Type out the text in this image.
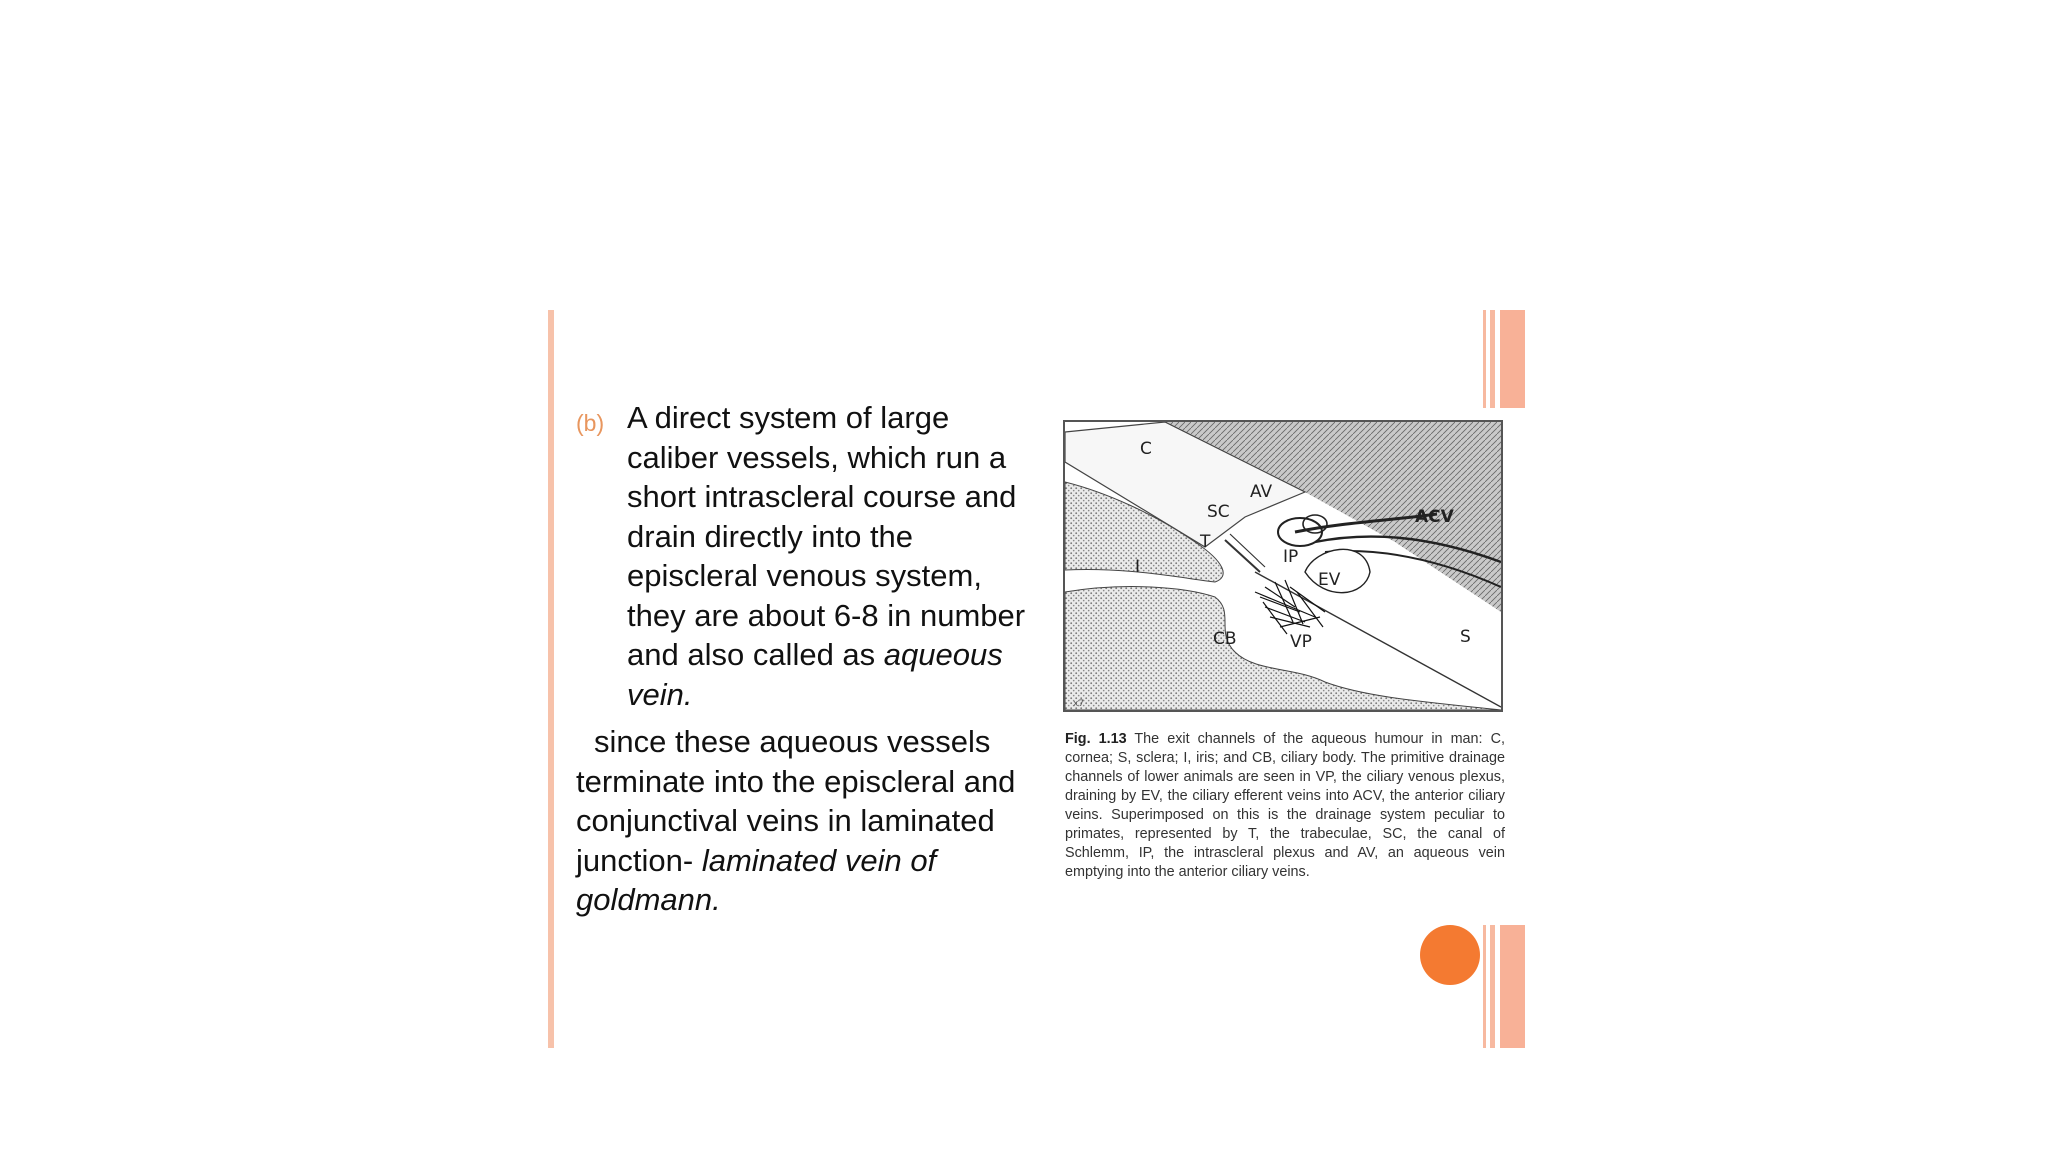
(b) A direct system of large caliber vessels, which run a short intrascleral course and drain directly into the episcleral venous system, they are about 6-8 in number and also called as aqueous vein.
since these aqueous vessels terminate into the episcleral and conjunctival veins in laminated junction- laminated vein of goldmann.
x7
C
SC
AV
ACV
T
I	IP
EV
CB	VP	S
Fig. 1.13 The exit channels of the aqueous humour in man: C, cornea; S, sclera; I, iris; and CB, ciliary body. The primitive drainage channels of lower animals are seen in VP, the ciliary venous plexus, draining by EV, the ciliary efferent veins into ACV, the anterior ciliary veins. Superimposed on this is the drainage system peculiar to primates, represented by T, the trabeculae, SC, the canal of Schlemm, IP, the intrascleral plexus and AV, an aqueous vein emptying into the anterior ciliary veins.
